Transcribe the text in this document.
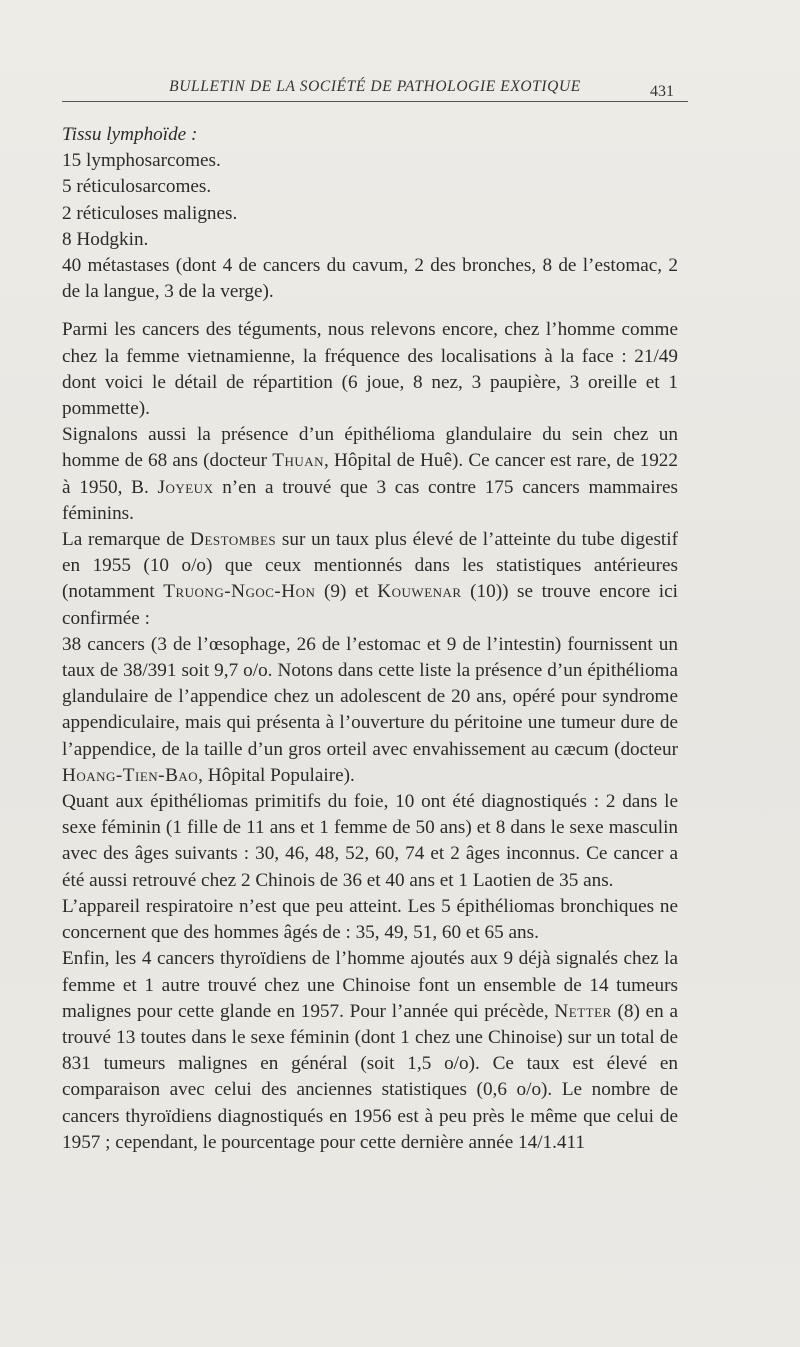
BULLETIN DE LA SOCIÉTÉ DE PATHOLOGIE EXOTIQUE	431

Tissu lymphoïde :

15 lymphosarcomes.
5 réticulosarcomes.
2 réticuloses malignes.
8 Hodgkin.
40 métastases (dont 4 de cancers du cavum, 2 des bronches, 8 de l’estomac, 2 de la langue, 3 de la verge).

Parmi les cancers des téguments, nous relevons encore, chez l’homme comme chez la femme vietnamienne, la fréquence des localisations à la face : 21/49 dont voici le détail de répartition (6 joue, 8 nez, 3 paupière, 3 oreille et 1 pommette).

Signalons aussi la présence d’un épithélioma glandulaire du sein chez un homme de 68 ans (docteur Thuan, Hôpital de Huê). Ce cancer est rare, de 1922 à 1950, B. Joyeux n’en a trouvé que 3 cas contre 175 cancers mammaires féminins.

La remarque de Destombes sur un taux plus élevé de l’atteinte du tube digestif en 1955 (10 o/o) que ceux mentionnés dans les statistiques antérieures (notamment Truong-Ngoc-Hon (9) et Kouwenar (10)) se trouve encore ici confirmée :

38 cancers (3 de l’œsophage, 26 de l’estomac et 9 de l’intestin) fournissent un taux de 38/391 soit 9,7 o/o. Notons dans cette liste la présence d’un épithélioma glandulaire de l’appendice chez un adolescent de 20 ans, opéré pour syndrome appendiculaire, mais qui présenta à l’ouverture du péritoine une tumeur dure de l’appendice, de la taille d’un gros orteil avec envahissement au cæcum (docteur Hoang-Tien-Bao, Hôpital Populaire).

Quant aux épithéliomas primitifs du foie, 10 ont été diagnostiqués : 2 dans le sexe féminin (1 fille de 11 ans et 1 femme de 50 ans) et 8 dans le sexe masculin avec des âges suivants : 30, 46, 48, 52, 60, 74 et 2 âges inconnus. Ce cancer a été aussi retrouvé chez 2 Chinois de 36 et 40 ans et 1 Laotien de 35 ans.

L’appareil respiratoire n’est que peu atteint. Les 5 épithéliomas bronchiques ne concernent que des hommes âgés de : 35, 49, 51, 60 et 65 ans.

Enfin, les 4 cancers thyroïdiens de l’homme ajoutés aux 9 déjà signalés chez la femme et 1 autre trouvé chez une Chinoise font un ensemble de 14 tumeurs malignes pour cette glande en 1957. Pour l’année qui précède, Netter (8) en a trouvé 13 toutes dans le sexe féminin (dont 1 chez une Chinoise) sur un total de 831 tumeurs malignes en général (soit 1,5 o/o). Ce taux est élevé en comparaison avec celui des anciennes statistiques (0,6 o/o). Le nombre de cancers thyroïdiens diagnostiqués en 1956 est à peu près le même que celui de 1957 ; cependant, le pourcentage pour cette dernière année 14/1.411
